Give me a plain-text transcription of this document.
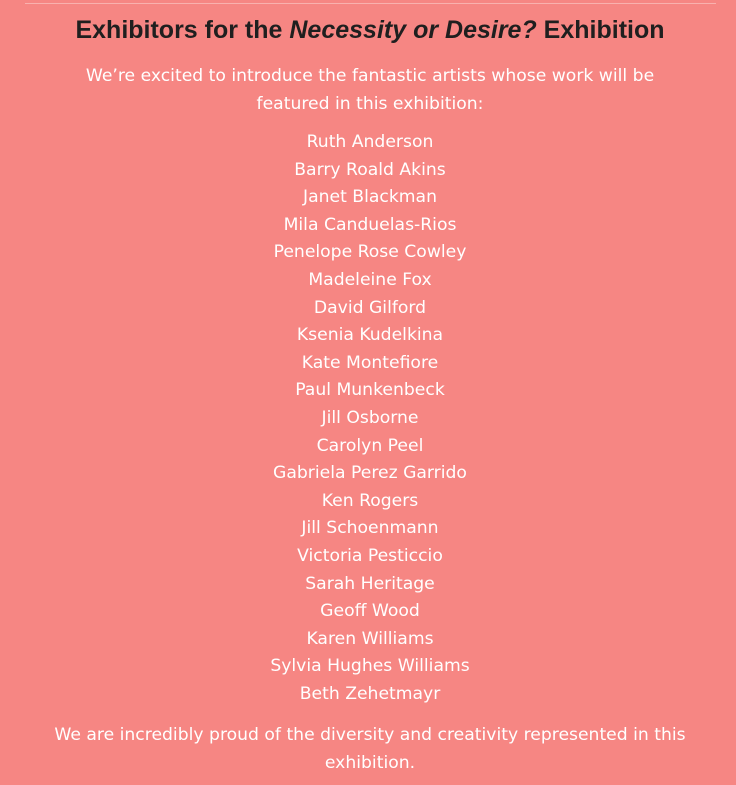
Exhibitors for the Necessity or Desire? Exhibition

We’re excited to introduce the fantastic artists whose work will be featured in this exhibition:

Ruth Anderson
Barry Roald Akins
Janet Blackman
Mila Canduelas-Rios
Penelope Rose Cowley
Madeleine Fox
David Gilford
Ksenia Kudelkina
Kate Montefiore
Paul Munkenbeck
Jill Osborne
Carolyn Peel
Gabriela Perez Garrido
Ken Rogers
Jill Schoenmann
Victoria Pesticcio
Sarah Heritage
Geoff Wood
Karen Williams
Sylvia Hughes Williams
Beth Zehetmayr

We are incredibly proud of the diversity and creativity represented in this exhibition.
